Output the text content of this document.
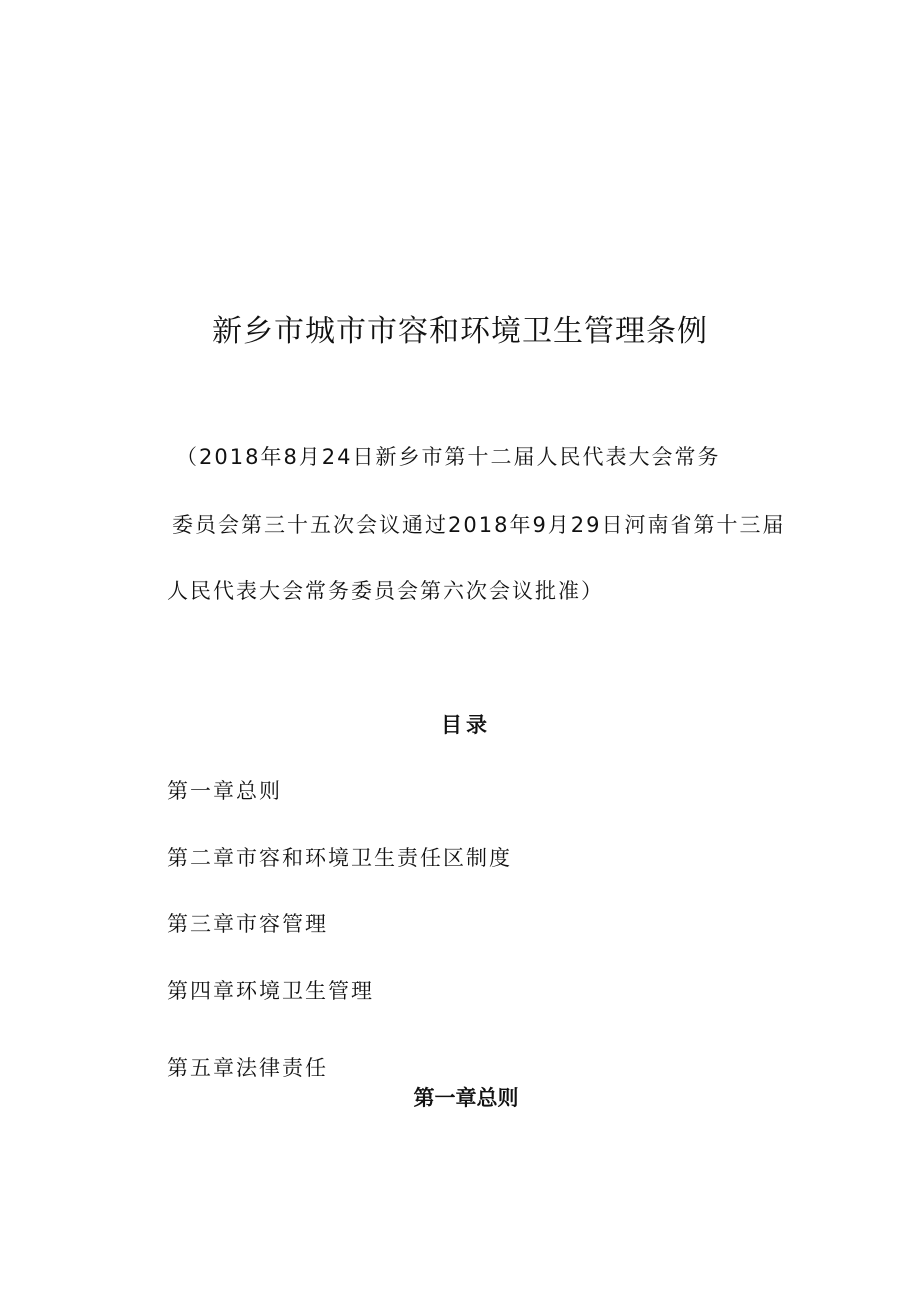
新乡市城市市容和环境卫生管理条例

（2018年8月24日新乡市第十二届人民代表大会常务

委员会第三十五次会议通过2018年9月29日河南省第十三届

人民代表大会常务委员会第六次会议批准）

目录
第一章总则
第二章市容和环境卫生责任区制度
第三章市容管理
第四章环境卫生管理
第五章法律责任
第一章总则
